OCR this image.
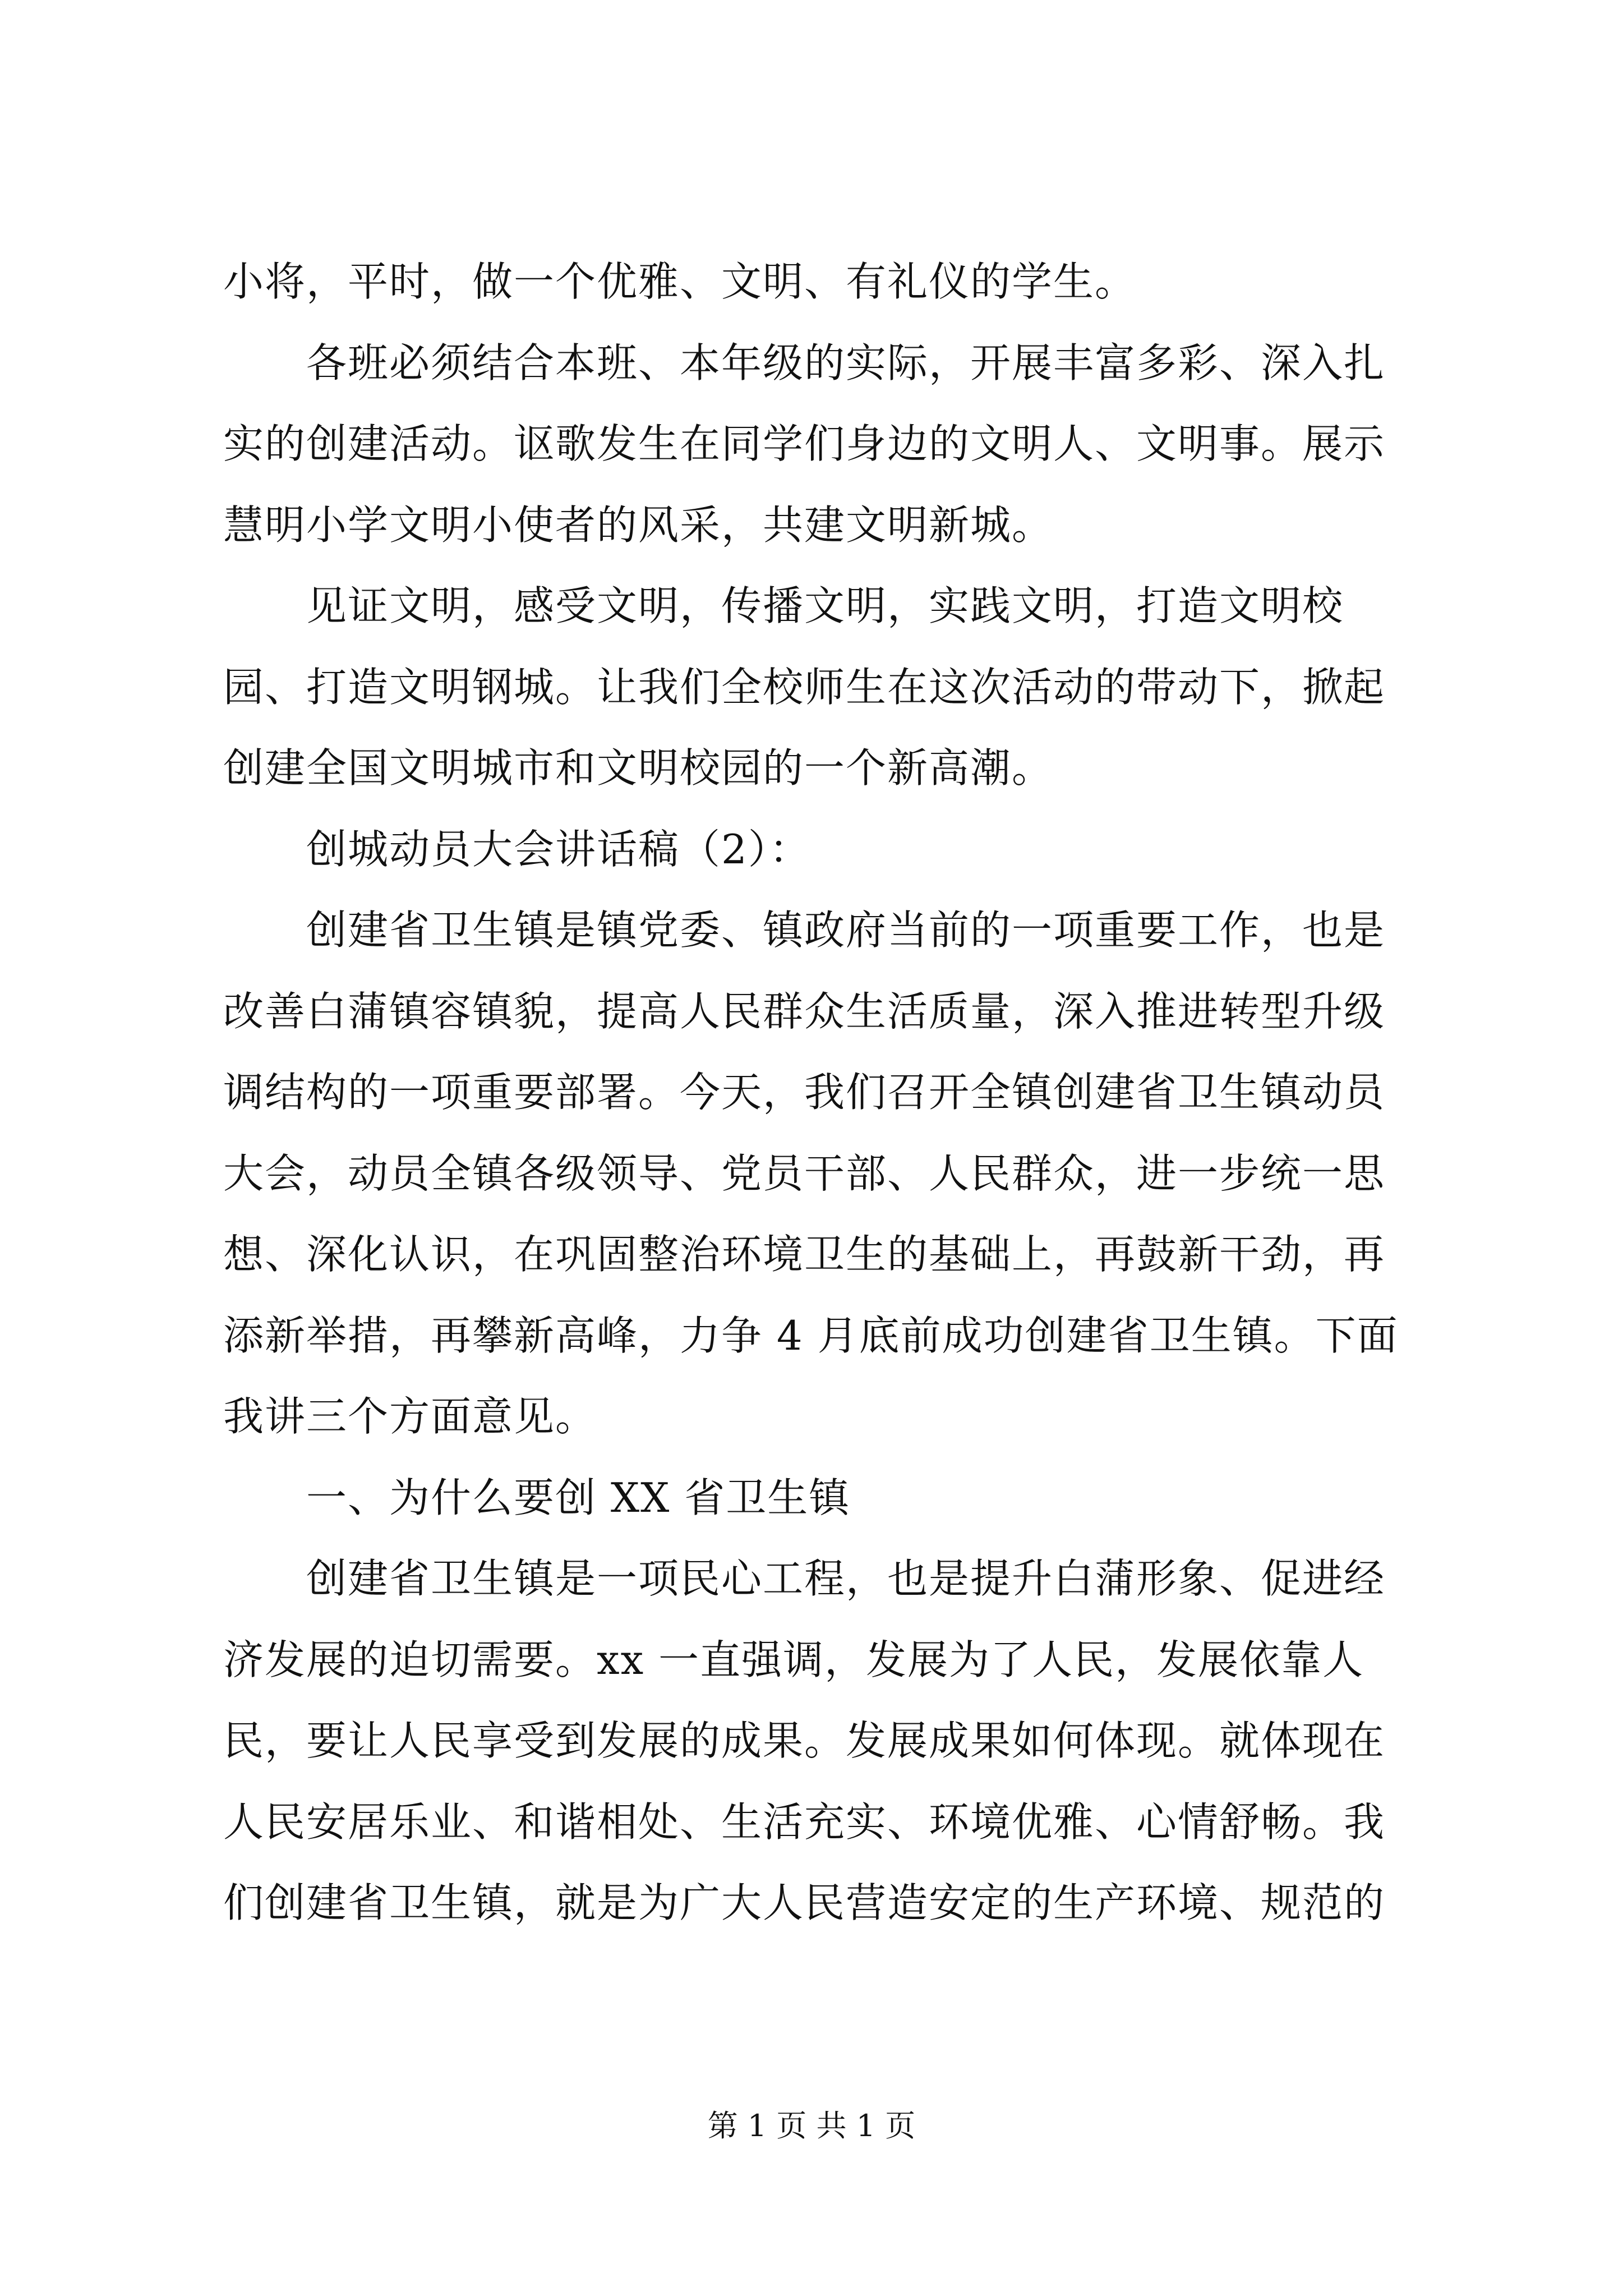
小将，平时，做一个优雅、文明、有礼仪的学生。

各班必须结合本班、本年级的实际，开展丰富多彩、深入扎实的创建活动。讴歌发生在同学们身边的文明人、文明事。展示慧明小学文明小使者的风采，共建文明新城。

见证文明，感受文明，传播文明，实践文明，打造文明校园、打造文明钢城。让我们全校师生在这次活动的带动下，掀起创建全国文明城市和文明校园的一个新高潮。

创城动员大会讲话稿（2）：

创建省卫生镇是镇党委、镇政府当前的一项重要工作，也是改善白蒲镇容镇貌，提高人民群众生活质量，深入推进转型升级调结构的一项重要部署。今天，我们召开全镇创建省卫生镇动员大会，动员全镇各级领导、党员干部、人民群众，进一步统一思想、深化认识，在巩固整治环境卫生的基础上，再鼓新干劲，再添新举措，再攀新高峰，力争 4 月底前成功创建省卫生镇。下面我讲三个方面意见。

一、为什么要创 XX 省卫生镇

创建省卫生镇是一项民心工程，也是提升白蒲形象、促进经济发展的迫切需要。xx 一直强调，发展为了人民，发展依靠人民，要让人民享受到发展的成果。发展成果如何体现。就体现在人民安居乐业、和谐相处、生活充实、环境优雅、心情舒畅。我们创建省卫生镇，就是为广大人民营造安定的生产环境、规范的

第 1 页 共 1 页
